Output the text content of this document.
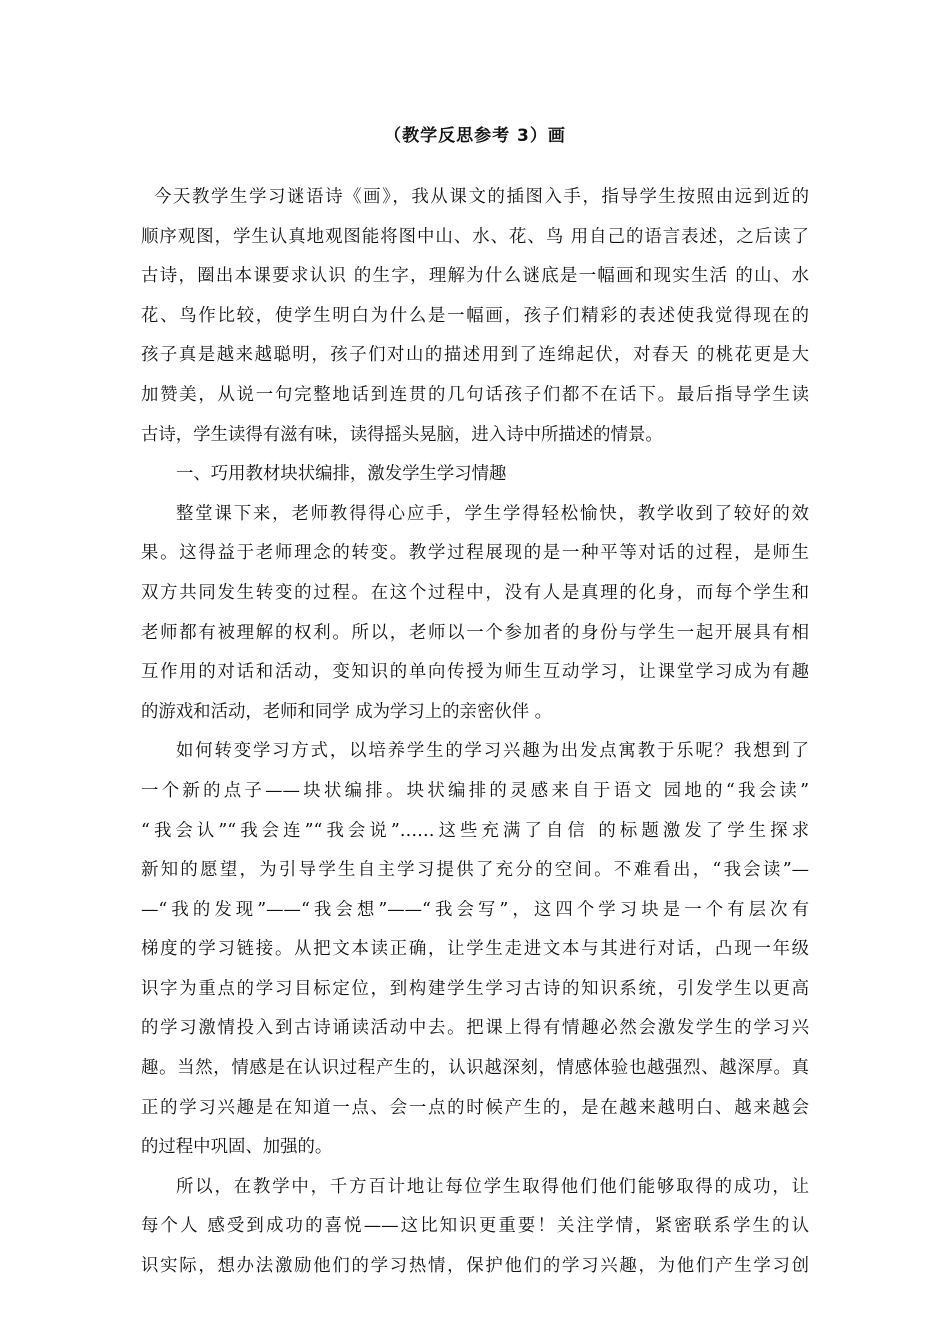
（教学反思参考 3）画
今天教学生学习谜语诗《画》，我从课文的插图入手，指导学生按照由远到近的
顺序观图，学生认真地观图能将图中山、水、花、鸟 用自己的语言表述，之后读了
古诗，圈出本课要求认识 的生字，理解为什么谜底是一幅画和现实生活 的山、水
花、鸟作比较，使学生明白为什么是一幅画，孩子们精彩的表述使我觉得现在的
孩子真是越来越聪明，孩子们对山的描述用到了连绵起伏，对春天 的桃花更是大
加赞美，从说一句完整地话到连贯的几句话孩子们都不在话下。最后指导学生读
古诗，学生读得有滋有味，读得摇头晃脑，进入诗中所描述的情景。
一、巧用教材块状编排，激发学生学习情趣
整堂课下来，老师教得得心应手，学生学得轻松愉快，教学收到了较好的效
果。这得益于老师理念的转变。教学过程展现的是一种平等对话的过程，是师生
双方共同发生转变的过程。在这个过程中，没有人是真理的化身，而每个学生和
老师都有被理解的权利。所以，老师以一个参加者的身份与学生一起开展具有相
互作用的对话和活动，变知识的单向传授为师生互动学习，让课堂学习成为有趣
的游戏和活动，老师和同学 成为学习上的亲密伙伴 。
如何转变学习方式，以培养学生的学习兴趣为出发点寓教于乐呢？我想到了
一个新的点子——块状编排。块状编排的灵感来自于语文 园地的“我会读”
“我会认”“我会连”“我会说”……这些充满了自信 的标题激发了学生探求
新知的愿望，为引导学生自主学习提供了充分的空间。不难看出，“我会读”—
—“我的发现”——“我会想”——“我会写”，这四个学习块是一个有层次有
梯度的学习链接。从把文本读正确，让学生走进文本与其进行对话，凸现一年级
识字为重点的学习目标定位，到构建学生学习古诗的知识系统，引发学生以更高
的学习激情投入到古诗诵读活动中去。把课上得有情趣必然会激发学生的学习兴
趣。当然，情感是在认识过程产生的，认识越深刻，情感体验也越强烈、越深厚。真
正的学习兴趣是在知道一点、会一点的时候产生的，是在越来越明白、越来越会
的过程中巩固、加强的。
所以，在教学中，千方百计地让每位学生取得他们他们能够取得的成功，让
每个人 感受到成功的喜悦——这比知识更重要！关注学情，紧密联系学生的认
识实际，想办法激励他们的学习热情，保护他们的学习兴趣，为他们产生学习创
